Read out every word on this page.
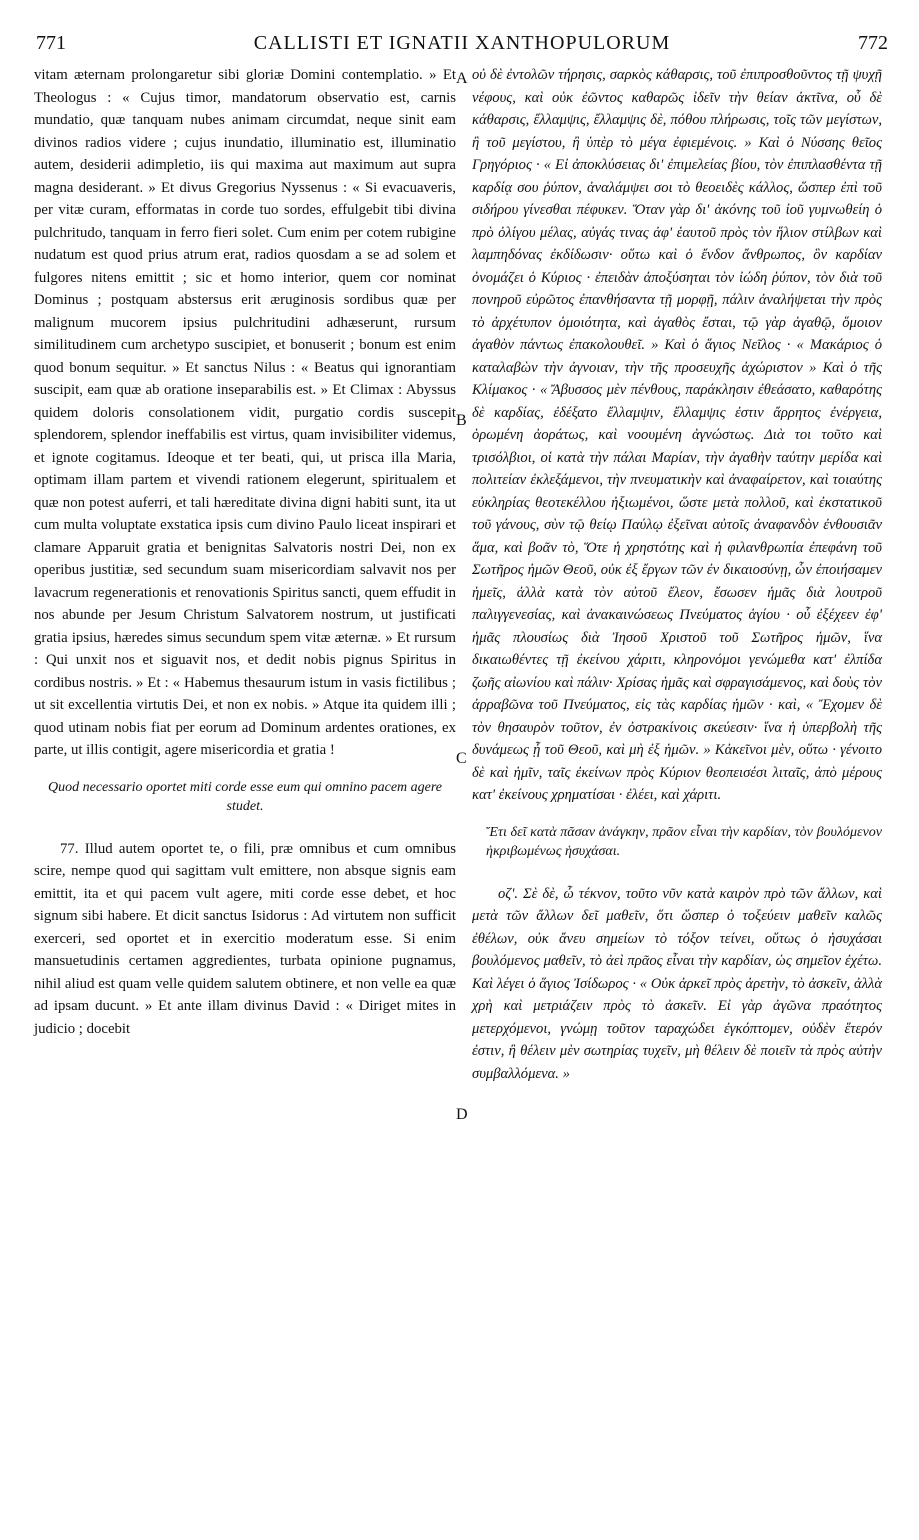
771	CALLISTI ET IGNATII XANTHOPULORUM	772

vitam æternam prolongaretur sibi gloriæ Domini contemplatio. » Et Theologus : « Cujus timor, mandatorum observatio est, carnis mundatio, quæ tanquam nubes animam circumdat, neque sinit eam divinos radios videre ; cujus inundatio, illuminatio est, illuminatio autem, desiderii adimpletio, iis qui maxima aut maximum aut supra magna desiderant. » Et divus Gregorius Nyssenus : « Si evacuaveris, per vitæ curam, efformatas in corde tuo sordes, effulgebit tibi divina pulchritudo, tanquam in ferro fieri solet. Cum enim per cotem rubigine nudatum est quod prius atrum erat, radios quosdam a se ad solem et fulgores nitens emittit ; sic et homo interior, quem cor nominat Dominus ; postquam abstersus erit æruginosis sordibus quæ per malignum mucorem ipsius pulchritudini adhæserunt, rursum similitudinem cum archetypo suscipiet, et bonuserit ; bonum est enim quod bonum sequitur. » Et sanctus Nilus : « Beatus qui ignorantiam suscipit, eam quæ ab oratione inseparabilis est. » Et Climax : Abyssus quidem doloris consolationem vidit, purgatio cordis suscepit splendorem, splendor ineffabilis est virtus, quam invisibiliter videmus, et ignote cogitamus. Ideoque et ter beati, qui, ut prisca illa Maria, optimam illam partem et vivendi rationem elegerunt, spiritualem et quæ non potest auferri, et tali hæreditate divina digni habiti sunt, ita ut cum multa voluptate exstatica ipsis cum divino Paulo liceat inspirari et clamare Apparuit gratia et benignitas Salvatoris nostri Dei, non ex operibus justitiæ, sed secundum suam misericordiam salvavit nos per lavacrum regenerationis et renovationis Spiritus sancti, quem effudit in nos abunde per Jesum Christum Salvatorem nostrum, ut justificati gratia ipsius, hæredes simus secundum spem vitæ æternæ. » Et rursum : Qui unxit nos et siguavit nos, et dedit nobis pignus Spiritus in cordibus nostris. » Et : « Habemus thesaurum istum in vasis fictilibus ; ut sit excellentia virtutis Dei, et non ex nobis. » Atque ita quidem illi ; quod utinam nobis fiat per eorum ad Dominum ardentes orationes, ex parte, ut illis contigit, agere misericordia et gratia !

Quod necessario oportet miti corde esse eum qui omnino pacem agere studet.

77. Illud autem oportet te, o fili, præ omnibus et cum omnibus scire, nempe quod qui sagittam vult emittere, non absque signis eam emittit, ita et qui pacem vult agere, miti corde esse debet, et hoc signum sibi habere. Et dicit sanctus Isidorus : Ad virtutem non sufficit exerceri, sed oportet et in exercitio moderatum esse. Si enim mansuetudinis certamen aggredientes, turbata opinione pugnamus, nihil aliud est quam velle quidem salutem obtinere, et non velle ea quæ ad ipsam ducunt. » Et ante illam divinus David : « Diriget mites in judicio ; docebit

οὐ δὲ ἐντολῶν τήρησις, σαρκὸς κάθαρσις, τοῦ ἐπιπροσθοῦντος τῇ ψυχῇ νέφους, καὶ οὐκ ἐῶντος καθαρῶς ἰδεῖν τὴν θείαν ἀκτῖνα, οὗ δὲ κάθαρσις, ἔλλαμψις, ἔλλαμψις δὲ, πόθου πλήρωσις, τοῖς τῶν μεγίστων, ἢ τοῦ μεγίστου, ἢ ὑπὲρ τὸ μέγα ἐφιεμένοις. » Καὶ ὁ Νύσσης θεῖος Γρηγόριος · « Εἰ ἀποκλύσειας δι' ἐπιμελείας βίου, τὸν ἐπιπλασθέντα τῇ καρδίᾳ σου ῥύπον, ἀναλάμψει σοι τὸ θεοειδὲς κάλλος, ὥσπερ ἐπὶ τοῦ σιδήρου γίνεσθαι πέφυκεν. Ὅταν γὰρ δι' ἀκόνης τοῦ ἰοῦ γυμνωθείη ὁ πρὸ ὀλίγου μέλας, αὐγάς τινας ἀφ' ἑαυτοῦ πρὸς τὸν ἥλιον στίλβων καὶ λαμπηδόνας ἐκδίδωσιν· οὕτω καὶ ὁ ἔνδον ἄνθρωπος, ὃν καρδίαν ὀνομάζει ὁ Κύριος · ἐπειδὰν ἀποξύσηται τὸν ἰώδη ῥύπον, τὸν διὰ τοῦ πονηροῦ εὐρῶτος ἐπανθήσαντα τῇ μορφῇ, πάλιν ἀναλήψεται τὴν πρὸς τὸ ἀρχέτυπον ὁμοιότητα, καὶ ἀγαθὸς ἔσται, τῷ γὰρ ἀγαθῷ, ὅμοιον ἀγαθὸν πάντως ἐπακολουθεῖ. » Καὶ ὁ ἅγιος Νεῖλος · « Μακάριος ὁ καταλαβὼν τὴν ἀγνοιαν, τὴν τῆς προσευχῆς ἀχώριστον » Καὶ ὁ τῆς Κλίμακος · « Ἄβυσσος μὲν πένθους, παράκλησιν ἐθεάσατο, καθαρότης δὲ καρδίας, ἐδέξατο ἔλλαμψιν, ἔλλαμψις ἐστιν ἄρρητος ἐνέργεια, ὁρωμένη ἀοράτως, καὶ νοουμένη ἀγνώστως. Διὰ τοι τοῦτο καὶ τρισόλβιοι, οἱ κατὰ τὴν πάλαι Μαρίαν, τὴν ἀγαθὴν ταύτην μερίδα καὶ πολιτείαν ἐκλεξάμενοι, τὴν πνευματικὴν καὶ ἀναφαίρετον, καὶ τοιαύτης εὐκληρίας θεοτεκέλλου ἠξιωμένοι, ὥστε μετὰ πολλοῦ, καὶ ἐκστατικοῦ τοῦ γάνους, σὺν τῷ θείῳ Παύλῳ ἐξεῖναι αὐτοῖς ἀναφανδὸν ἐνθουσιᾶν ἅμα, καὶ βοᾶν τὸ, Ὅτε ἡ χρηστότης καὶ ἡ φιλανθρωπία ἐπεφάνη τοῦ Σωτῆρος ἡμῶν Θεοῦ, οὐκ ἐξ ἔργων τῶν ἐν δικαιοσύνῃ, ὧν ἐποιήσαμεν ἡμεῖς, ἀλλὰ κατὰ τὸν αὐτοῦ ἔλεον, ἔσωσεν ἡμᾶς διὰ λουτροῦ παλιγγενεσίας, καὶ ἀνακαινώσεως Πνεύματος ἁγίου · οὗ ἐξέχεεν ἐφ' ἡμᾶς πλουσίως διὰ Ἰησοῦ Χριστοῦ τοῦ Σωτῆρος ἡμῶν, ἵνα δικαιωθέντες τῇ ἐκείνου χάριτι, κληρονόμοι γενώμεθα κατ' ἐλπίδα ζωῆς αἰωνίου καὶ πάλιν· Χρίσας ἡμᾶς καὶ σφραγισάμενος, καὶ δοὺς τὸν ἀρραβῶνα τοῦ Πνεύματος, εἰς τὰς καρδίας ἡμῶν · καὶ, « Ἔχομεν δὲ τὸν θησαυρὸν τοῦτον, ἐν ὀστρακίνοις σκεύεσιν· ἵνα ἡ ὑπερβολὴ τῆς δυνάμεως ᾖ τοῦ Θεοῦ, καὶ μὴ ἐξ ἡμῶν. » Κἀκεῖνοι μὲν, οὕτω · γένοιτο δὲ καὶ ἡμῖν, ταῖς ἐκείνων πρὸς Κύριον θεοπεισέσι λιταῖς, ἀπὸ μέρους κατ' ἐκείνους χρηματίσαι · ἐλέει, καὶ χάριτι.

Ἔτι δεῖ κατὰ πᾶσαν ἀνάγκην, πρᾶον εἶναι τὴν καρδίαν, τὸν βουλόμενον ἠκριβωμένως ἡσυχάσαι.

οζ'. Σὲ δὲ, ὦ τέκνον, τοῦτο νῦν κατὰ καιρὸν πρὸ τῶν ἄλλων, καὶ μετὰ τῶν ἄλλων δεῖ μαθεῖν, ὅτι ὥσπερ ὁ τοξεύειν μαθεῖν καλῶς ἐθέλων, οὐκ ἄνευ σημείων τὸ τόξον τείνει, οὕτως ὁ ἡσυχάσαι βουλόμενος μαθεῖν, τὸ ἀεὶ πρᾶος εἶναι τὴν καρδίαν, ὡς σημεῖον ἐχέτω. Καὶ λέγει ὁ ἅγιος Ἰσίδωρος · « Οὐκ ἀρκεῖ πρὸς ἀρετὴν, τὸ ἀσκεῖν, ἀλλὰ χρὴ καὶ μετριάζειν πρὸς τὸ ἀσκεῖν. Εἰ γὰρ ἀγῶνα πραότητος μετερχόμενοι, γνώμῃ τοῦτον ταραχώδει ἐγκόπτομεν, οὐδὲν ἕτερόν ἐστιν, ἢ θέλειν μὲν σωτηρίας τυχεῖν, μὴ θέλειν δὲ ποιεῖν τὰ πρὸς αὐτὴν συμβαλλόμενα. »

A
B
C
D
